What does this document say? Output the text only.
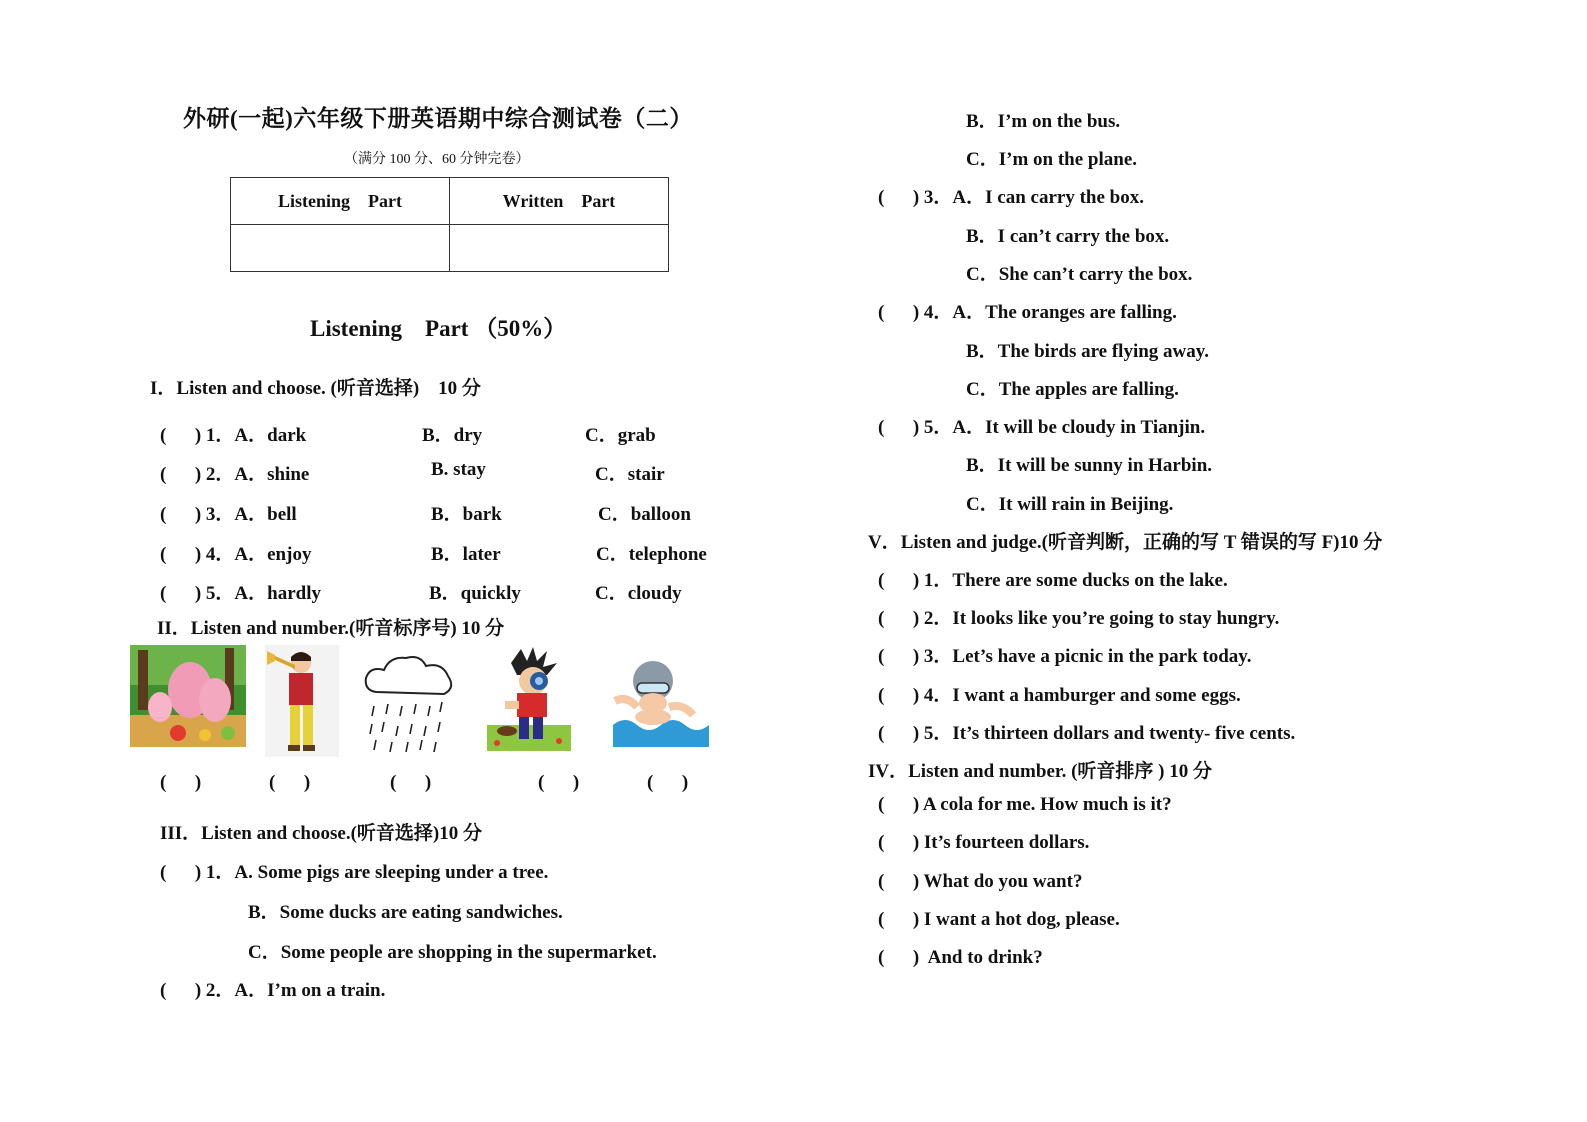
外研(一起)六年级下册英语期中综合测试卷（二）
（满分 100 分、60 分钟完卷）
Listening    Part	Written    Part

Listening    Part （50%）
I．Listen and choose. (听音选择)    10 分
(      ) 1．A．dark	B．dry	C．grab
(      ) 2．A．shine	B. stay	C．stair
(      ) 3．A．bell	B．bark	C．balloon
(      ) 4．A．enjoy	B．later	C．telephone
(      ) 5．A．hardly	B．quickly	C．cloudy
II．Listen and number.(听音标序号) 10 分
(      )	(      )	(      )	(      )	(      )
III．Listen and choose.(听音选择)10 分
(      ) 1．A. Some pigs are sleeping under a tree.
B．Some ducks are eating sandwiches.
C．Some people are shopping in the supermarket.
(      ) 2．A．I’m on a train.
B．I’m on the bus.
C．I’m on the plane.
(      ) 3．A．I can carry the box.
B．I can’t carry the box.
C．She can’t carry the box.
(      ) 4．A．The oranges are falling.
B．The birds are flying away.
C．The apples are falling.
(      ) 5．A．It will be cloudy in Tianjin.
B．It will be sunny in Harbin.
C．It will rain in Beijing.
V．Listen and judge.(听音判断，正确的写 T 错误的写 F)10 分
(      ) 1．There are some ducks on the lake.
(      ) 2．It looks like you’re going to stay hungry.
(      ) 3．Let’s have a picnic in the park today.
(      ) 4．I want a hamburger and some eggs.
(      ) 5．It’s thirteen dollars and twenty- five cents.
IV．Listen and number. (听音排序 ) 10 分
(      ) A cola for me. How much is it?
(      ) It’s fourteen dollars.
(      ) What do you want?
(      ) I want a hot dog, please.
(      )  And to drink?
